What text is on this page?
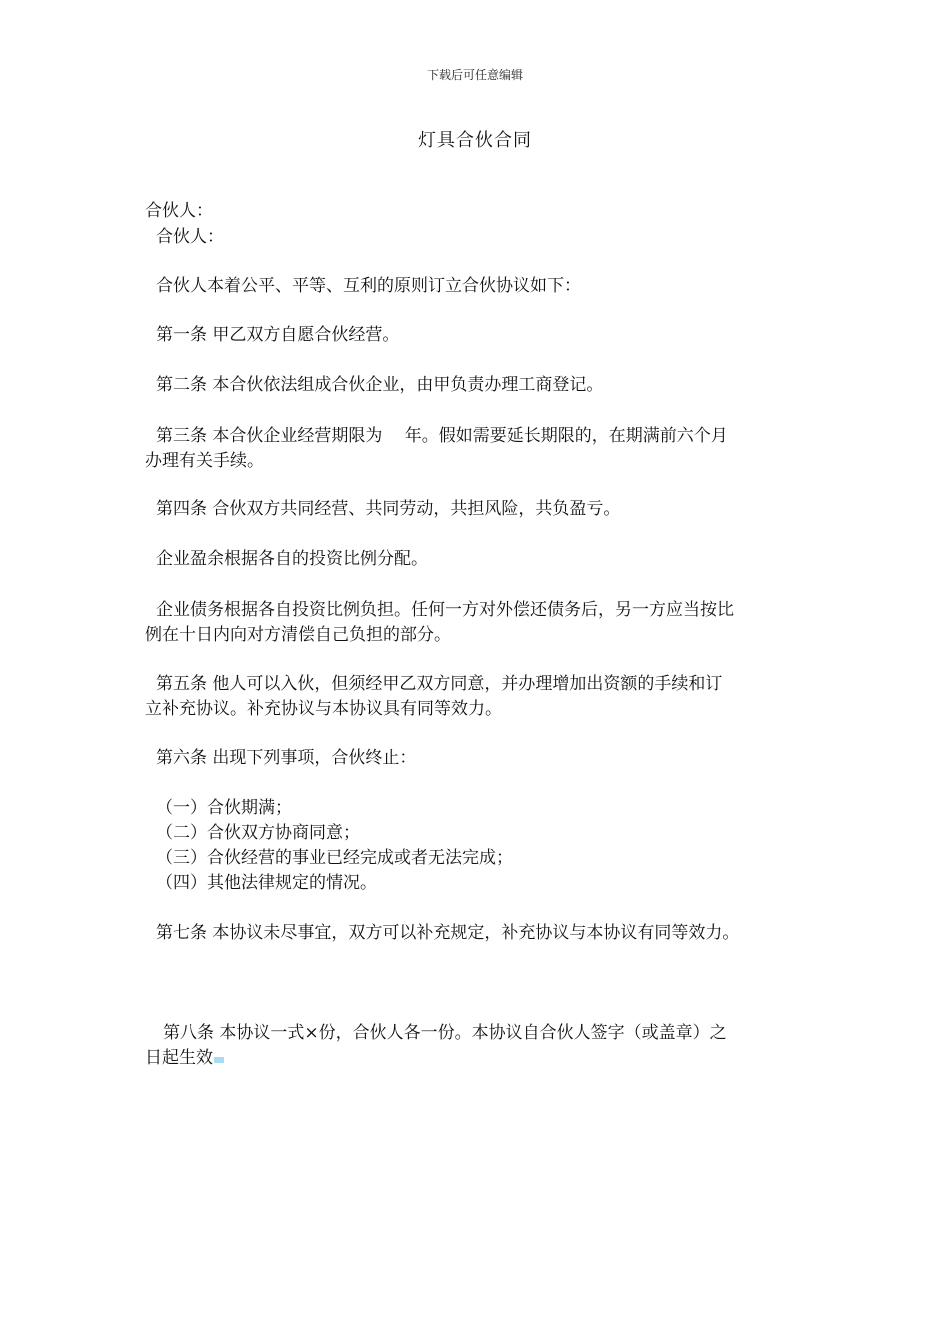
下载后可任意编辑
灯具合伙合同
合伙人：
合伙人：
合伙人本着公平、平等、互利的原则订立合伙协议如下：
第一条 甲乙双方自愿合伙经营。
第二条 本合伙依法组成合伙企业，由甲负责办理工商登记。
第三条 本合伙企业经营期限为　 年。假如需要延长期限的，在期满前六个月
办理有关手续。
第四条 合伙双方共同经营、共同劳动，共担风险，共负盈亏。
企业盈余根据各自的投资比例分配。
企业债务根据各自投资比例负担。任何一方对外偿还债务后，另一方应当按比
例在十日内向对方清偿自己负担的部分。
第五条 他人可以入伙，但须经甲乙双方同意，并办理增加出资额的手续和订
立补充协议。补充协议与本协议具有同等效力。
第六条 出现下列事项，合伙终止：
（一）合伙期满；
（二）合伙双方协商同意；
（三）合伙经营的事业已经完成或者无法完成；
（四）其他法律规定的情况。
第七条 本协议未尽事宜，双方可以补充规定，补充协议与本协议有同等效力。
第八条 本协议一式×份，合伙人各一份。本协议自合伙人签字（或盖章）之
日起生效
